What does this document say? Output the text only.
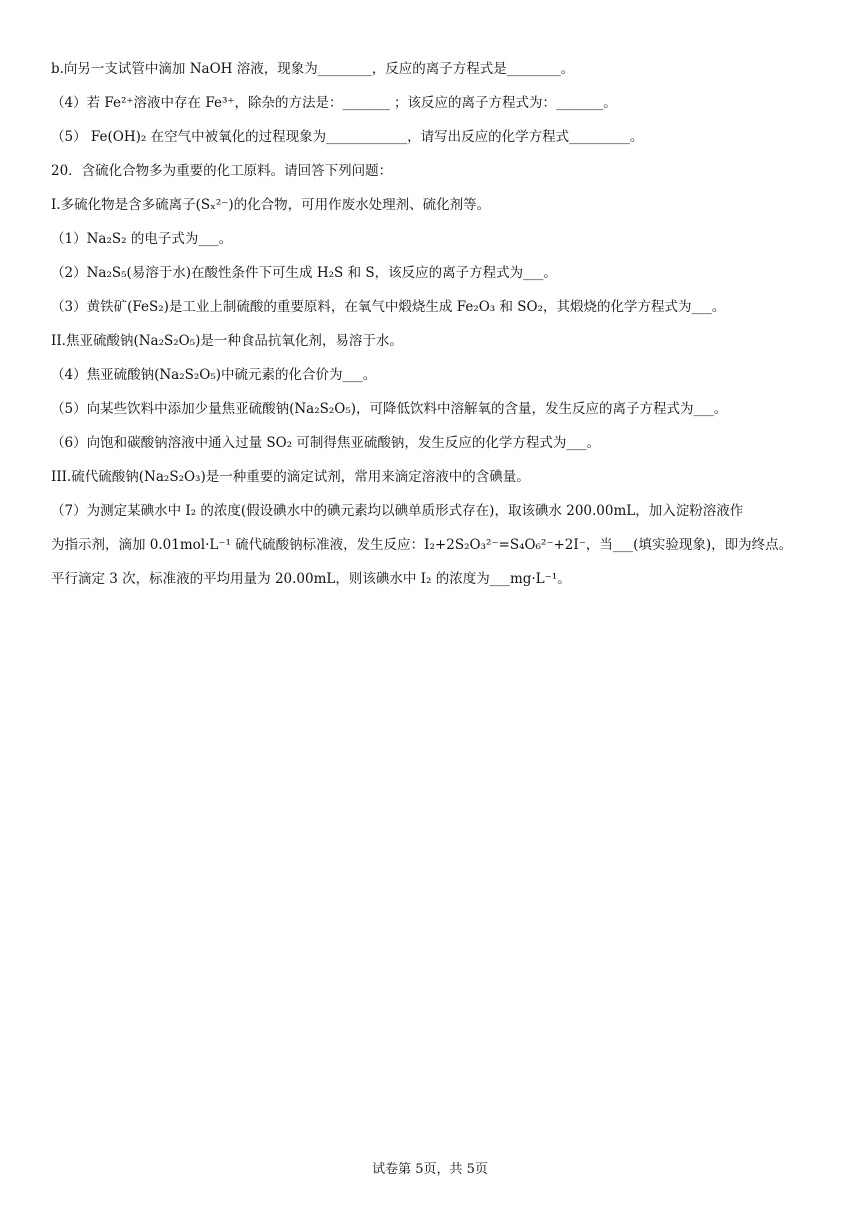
b.向另一支试管中滴加 NaOH 溶液，现象为________，反应的离子方程式是________。
（4）若 Fe²⁺溶液中存在 Fe³⁺，除杂的方法是：_______ ；该反应的离子方程式为：_______。
（5） Fe(OH)₂ 在空气中被氧化的过程现象为____________，请写出反应的化学方程式_________。
20．含硫化合物多为重要的化工原料。请回答下列问题：
I.多硫化物是含多硫离子(Sₓ²⁻)的化合物，可用作废水处理剂、硫化剂等。
（1）Na₂S₂ 的电子式为___。
（2）Na₂S₅(易溶于水)在酸性条件下可生成 H₂S 和 S，该反应的离子方程式为___。
（3）黄铁矿(FeS₂)是工业上制硫酸的重要原料，在氧气中煅烧生成 Fe₂O₃ 和 SO₂，其煅烧的化学方程式为___。
II.焦亚硫酸钠(Na₂S₂O₅)是一种食品抗氧化剂，易溶于水。
（4）焦亚硫酸钠(Na₂S₂O₅)中硫元素的化合价为___。
（5）向某些饮料中添加少量焦亚硫酸钠(Na₂S₂O₅)，可降低饮料中溶解氧的含量，发生反应的离子方程式为___。
（6）向饱和碳酸钠溶液中通入过量 SO₂ 可制得焦亚硫酸钠，发生反应的化学方程式为___。
III.硫代硫酸钠(Na₂S₂O₃)是一种重要的滴定试剂，常用来滴定溶液中的含碘量。
（7）为测定某碘水中 I₂ 的浓度(假设碘水中的碘元素均以碘单质形式存在)，取该碘水 200.00mL，加入淀粉溶液作
为指示剂，滴加 0.01mol·L⁻¹ 硫代硫酸钠标准液，发生反应：I₂+2S₂O₃²⁻=S₄O₆²⁻+2I⁻，当___(填实验现象)，即为终点。
平行滴定 3 次，标准液的平均用量为 20.00mL，则该碘水中 I₂ 的浓度为___mg·L⁻¹。
试卷第 5页，共 5页
